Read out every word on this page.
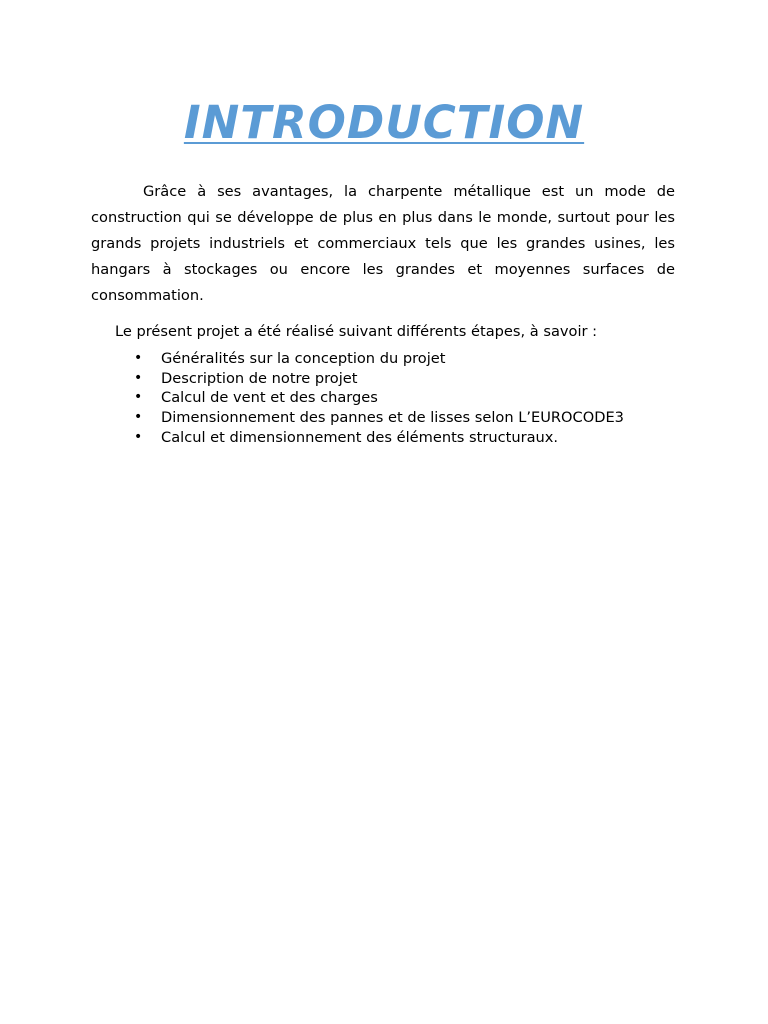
INTRODUCTION

Grâce à ses avantages, la charpente métallique est un mode de construction qui se développe de plus en plus dans le monde, surtout pour les grands projets industriels et commerciaux tels que les grandes usines, les hangars à stockages ou encore les grandes et moyennes surfaces de consommation.

Le présent projet a été réalisé suivant différents étapes, à savoir :

• Généralités sur la conception du projet
• Description de notre projet
• Calcul de vent et des charges
• Dimensionnement des pannes et de lisses selon L’EUROCODE3
• Calcul et dimensionnement des éléments structuraux.
